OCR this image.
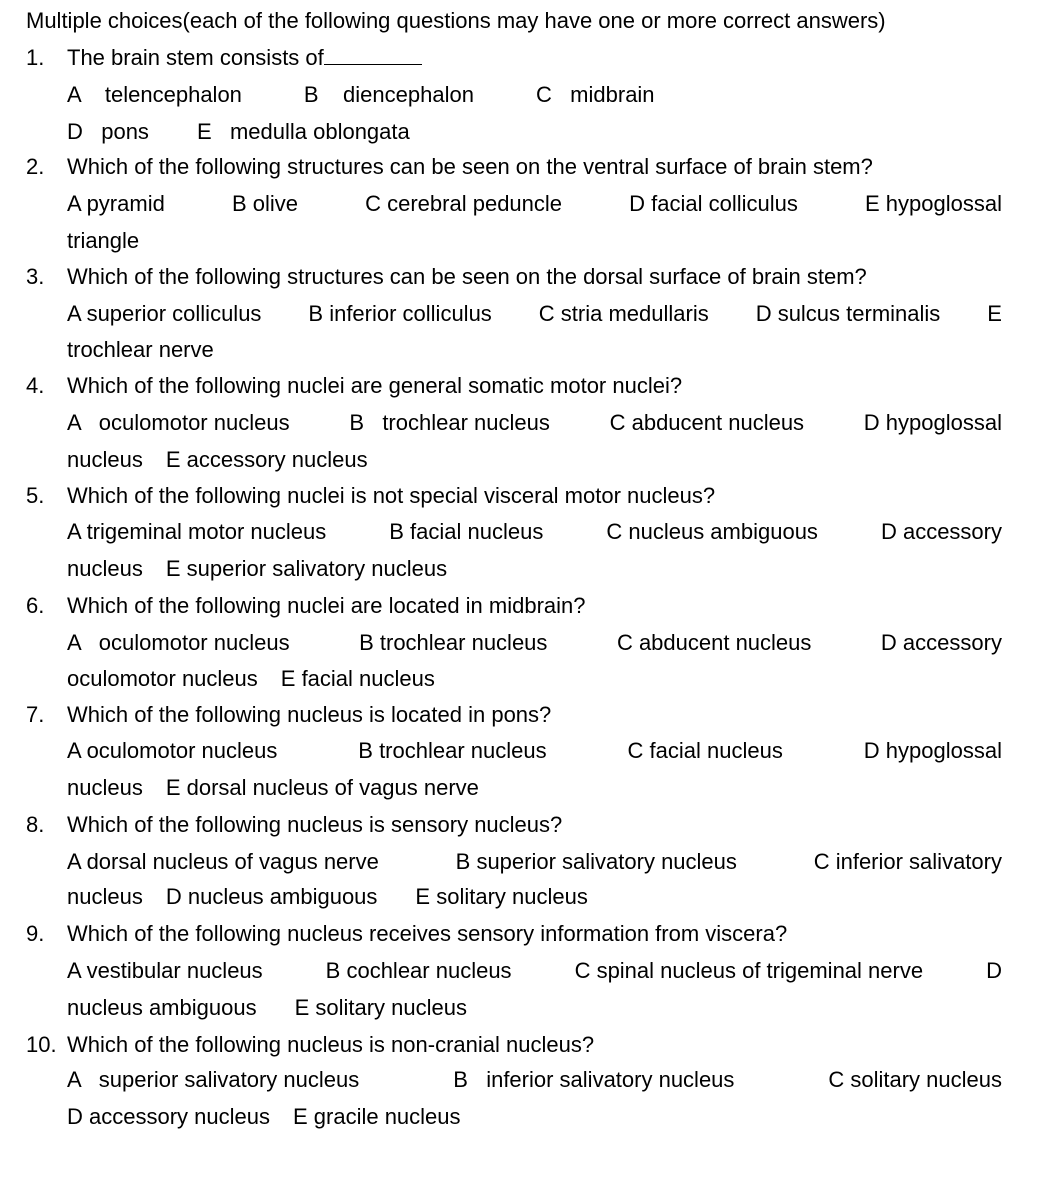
Multiple choices(each of the following questions may have one or more correct answers)
1. The brain stem consists of
A    telencephalon	B    diencephalon	C   midbrain
D   pons E   medulla oblongata
2. Which of the following structures can be seen on the ventral surface of brain stem?
A pyramid	B olive	C cerebral peduncle	D facial colliculus	E hypoglossal
triangle
3. Which of the following structures can be seen on the dorsal surface of brain stem?
A superior colliculus B inferior colliculus C stria medullaris D sulcus terminalis E
trochlear nerve
4. Which of the following nuclei are general somatic motor nuclei?
A   oculomotor nucleus	B   trochlear nucleus	C abducent nucleus	D hypoglossal
nucleus E accessory nucleus
5. Which of the following nuclei is not special visceral motor nucleus?
A trigeminal motor nucleus	B facial nucleus	C nucleus ambiguous	D accessory
nucleus E superior salivatory nucleus
6. Which of the following nuclei are located in midbrain?
A   oculomotor nucleus	B trochlear nucleus	C abducent nucleus	D accessory
oculomotor nucleus E facial nucleus
7. Which of the following nucleus is located in pons?
A oculomotor nucleus	B trochlear nucleus	C facial nucleus	D hypoglossal
nucleus E dorsal nucleus of vagus nerve
8. Which of the following nucleus is sensory nucleus?
A dorsal nucleus of vagus nerve	B superior salivatory nucleus	C inferior salivatory
nucleus D nucleus ambiguous E solitary nucleus
9. Which of the following nucleus receives sensory information from viscera?
A vestibular nucleus	B cochlear nucleus	C spinal nucleus of trigeminal nerve	D
nucleus ambiguous E solitary nucleus
10. Which of the following nucleus is non-cranial nucleus?
A   superior salivatory nucleus	B   inferior salivatory nucleus	C solitary nucleus
D accessory nucleus E gracile nucleus
